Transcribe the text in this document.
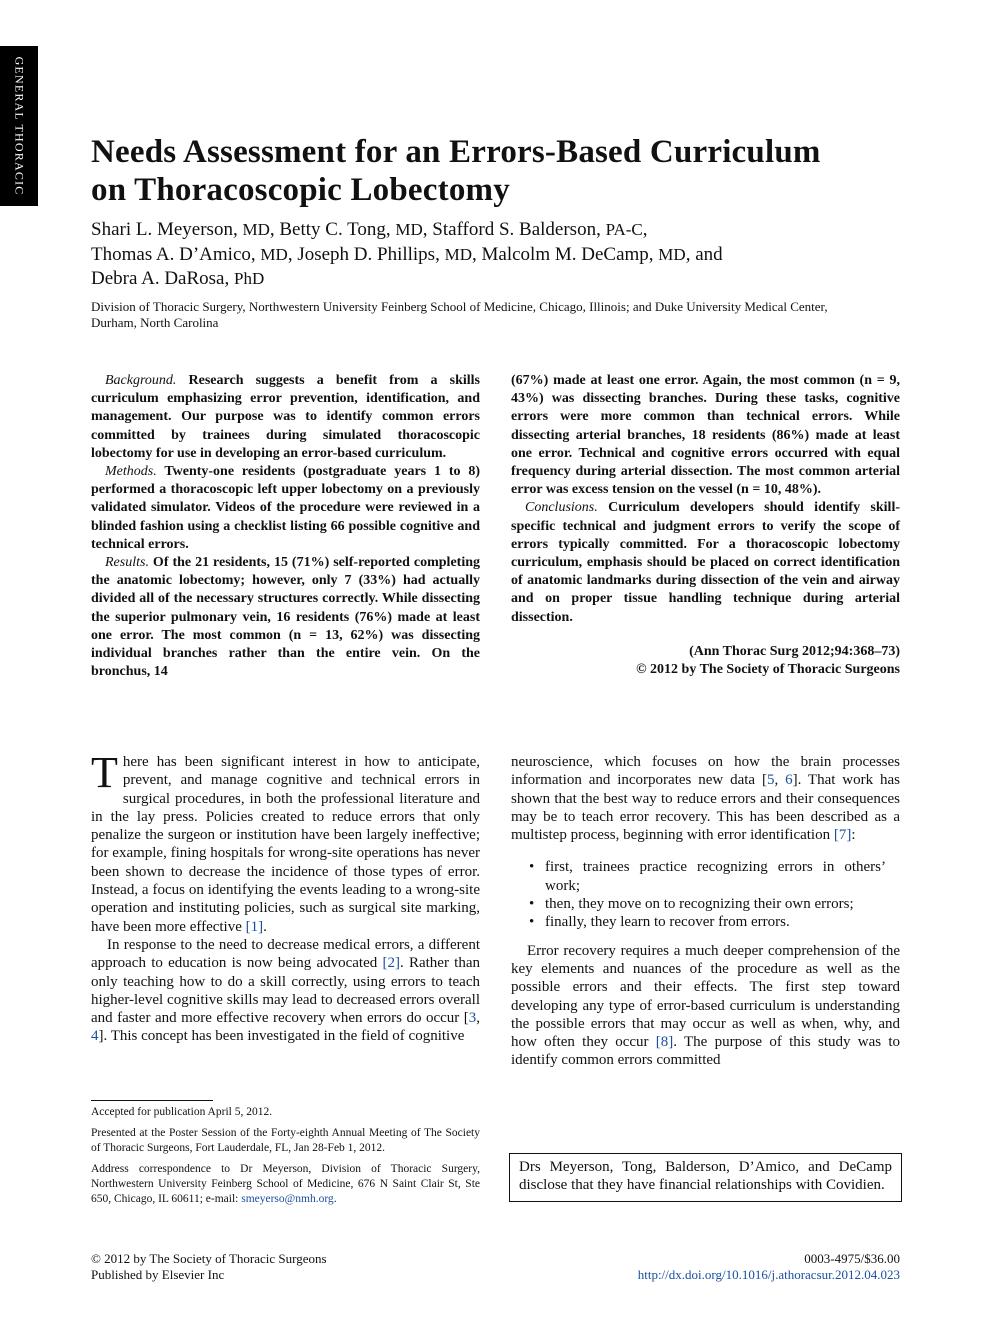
GENERAL THORACIC Needs Assessment for an Errors-Based Curriculum
on Thoracoscopic Lobectomy
Shari L. Meyerson, MD, Betty C. Tong, MD, Stafford S. Balderson, PA-C,
Thomas A. D’Amico, MD, Joseph D. Phillips, MD, Malcolm M. DeCamp, MD, and
Debra A. DaRosa, PhD
Division of Thoracic Surgery, Northwestern University Feinberg School of Medicine, Chicago, Illinois; and Duke University Medical Center, Durham, North Carolina

Background. Research suggests a benefit from a skills curriculum emphasizing error prevention, identification, and management. Our purpose was to identify common errors committed by trainees during simulated thoracoscopic lobectomy for use in developing an error-based curriculum.

Methods. Twenty-one residents (postgraduate years 1 to 8) performed a thoracoscopic left upper lobectomy on a previously validated simulator. Videos of the procedure were reviewed in a blinded fashion using a checklist listing 66 possible cognitive and technical errors.

Results. Of the 21 residents, 15 (71%) self-reported completing the anatomic lobectomy; however, only 7 (33%) had actually divided all of the necessary structures correctly. While dissecting the superior pulmonary vein, 16 residents (76%) made at least one error. The most common (n = 13, 62%) was dissecting individual branches rather than the entire vein. On the bronchus, 14

(67%) made at least one error. Again, the most common (n = 9, 43%) was dissecting branches. During these tasks, cognitive errors were more common than technical errors. While dissecting arterial branches, 18 residents (86%) made at least one error. Technical and cognitive errors occurred with equal frequency during arterial dissection. The most common arterial error was excess tension on the vessel (n = 10, 48%).

Conclusions. Curriculum developers should identify skill-specific technical and judgment errors to verify the scope of errors typically committed. For a thoracoscopic lobectomy curriculum, emphasis should be placed on correct identification of anatomic landmarks during dissection of the vein and airway and on proper tissue handling technique during arterial dissection.

(Ann Thorac Surg 2012;94:368–73)
© 2012 by The Society of Thoracic Surgeons

There has been significant interest in how to anticipate, prevent, and manage cognitive and technical errors in surgical procedures, in both the professional literature and in the lay press. Policies created to reduce errors that only penalize the surgeon or institution have been largely ineffective; for example, fining hospitals for wrong-site operations has never been shown to decrease the incidence of those types of error. Instead, a focus on identifying the events leading to a wrong-site operation and instituting policies, such as surgical site marking, have been more effective [1].

In response to the need to decrease medical errors, a different approach to education is now being advocated [2]. Rather than only teaching how to do a skill correctly, using errors to teach higher-level cognitive skills may lead to decreased errors overall and faster and more effective recovery when errors do occur [3, 4]. This concept has been investigated in the field of cognitive

neuroscience, which focuses on how the brain processes information and incorporates new data [5, 6]. That work has shown that the best way to reduce errors and their consequences may be to teach error recovery. This has been described as a multistep process, beginning with error identification [7]:

• first, trainees practice recognizing errors in others’ work;
• then, they move on to recognizing their own errors;
• finally, they learn to recover from errors.

Error recovery requires a much deeper comprehension of the key elements and nuances of the procedure as well as the possible errors and their effects. The first step toward developing any type of error-based curriculum is understanding the possible errors that may occur as well as when, why, and how often they occur [8]. The purpose of this study was to identify common errors committed

Accepted for publication April 5, 2012.

Presented at the Poster Session of the Forty-eighth Annual Meeting of The Society of Thoracic Surgeons, Fort Lauderdale, FL, Jan 28-Feb 1, 2012.

Address correspondence to Dr Meyerson, Division of Thoracic Surgery, Northwestern University Feinberg School of Medicine, 676 N Saint Clair St, Ste 650, Chicago, IL 60611; e-mail: smeyerso@nmh.org.

Drs Meyerson, Tong, Balderson, D’Amico, and DeCamp disclose that they have financial relationships with Covidien.
© 2012 by The Society of Thoracic Surgeons
Published by Elsevier Inc
0003-4975/$36.00
http://dx.doi.org/10.1016/j.athoracsur.2012.04.023
